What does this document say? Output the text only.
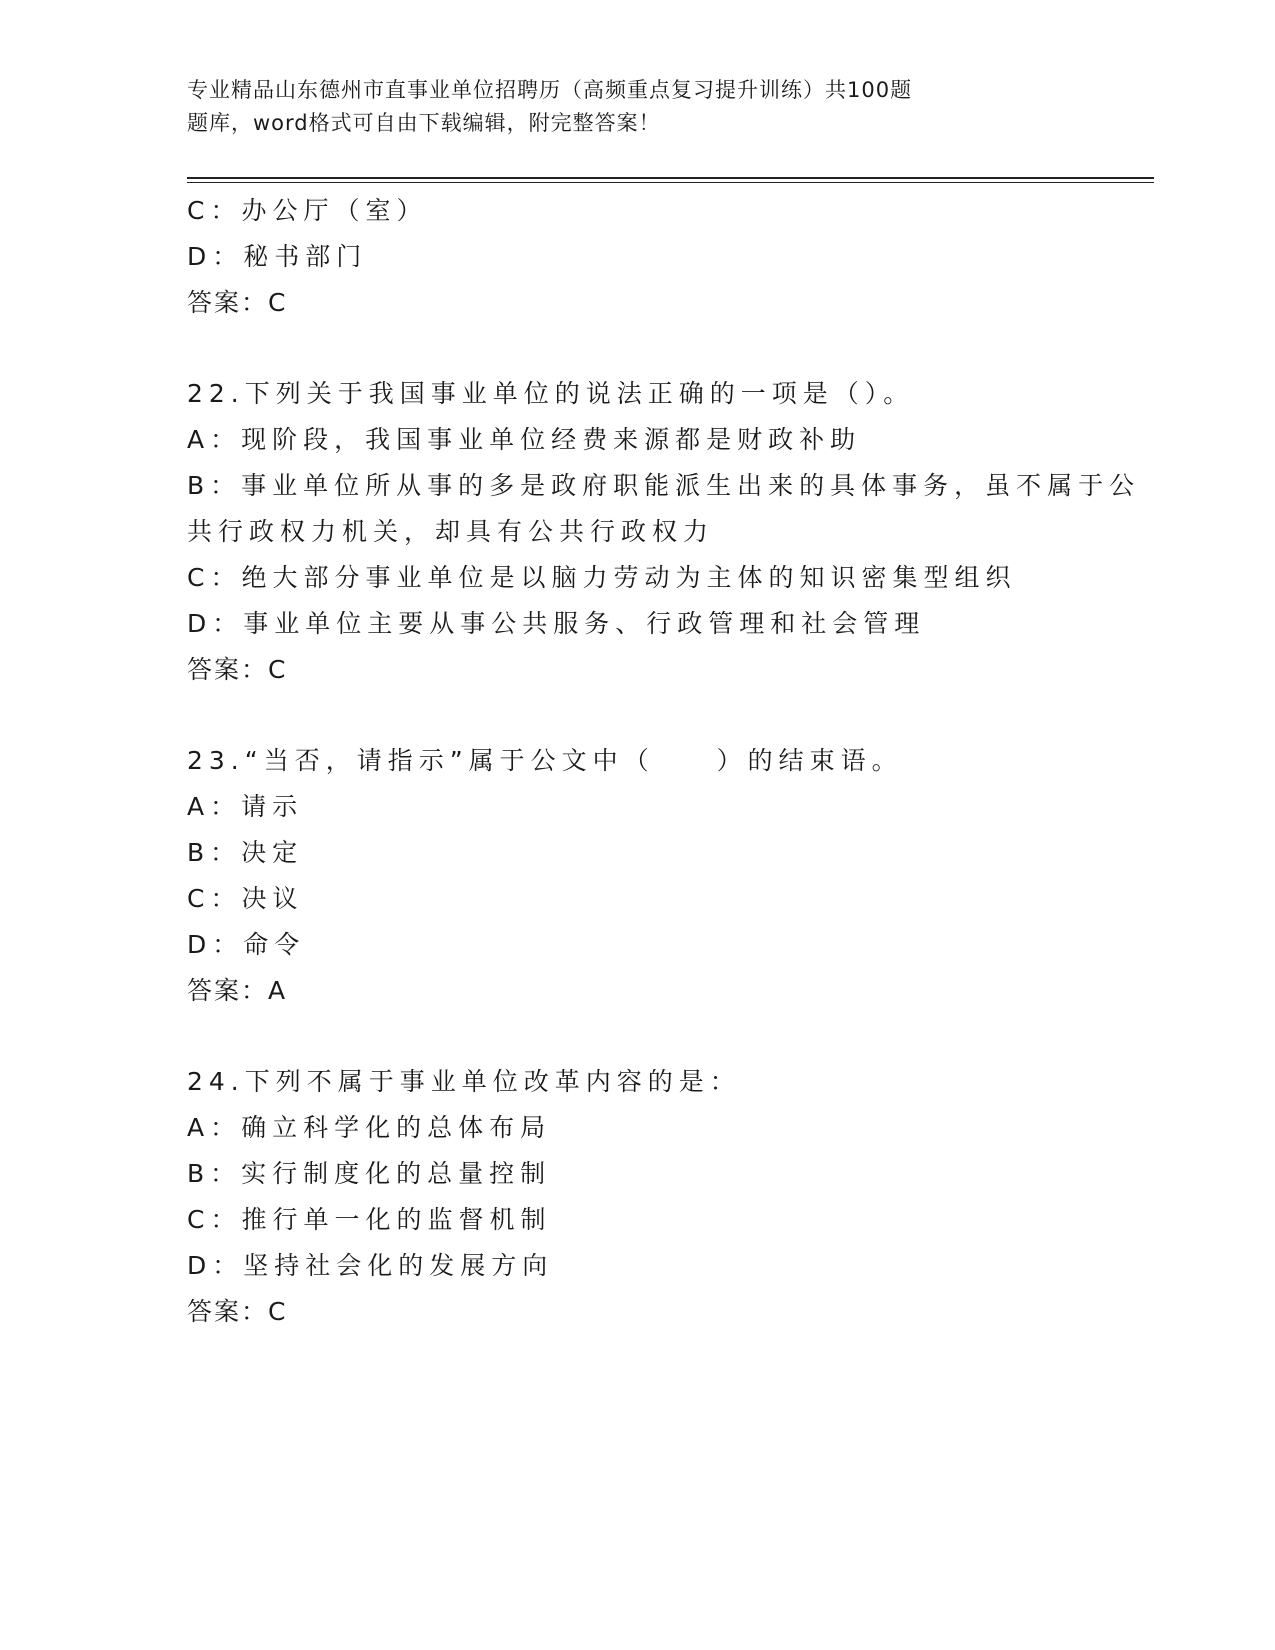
专业精品山东德州市直事业单位招聘历（高频重点复习提升训练）共100题
题库，word格式可自由下载编辑，附完整答案！
C：办公厅（室）
D：秘书部门
答案：C
22.下列关于我国事业单位的说法正确的一项是（）。
A：现阶段，我国事业单位经费来源都是财政补助
B：事业单位所从事的多是政府职能派生出来的具体事务，虽不属于公
共行政权力机关，却具有公共行政权力
C：绝大部分事业单位是以脑力劳动为主体的知识密集型组织
D：事业单位主要从事公共服务、行政管理和社会管理
答案：C
23.“当否，请指示”属于公文中（　　）的结束语。
A：请示
B：决定
C：决议
D：命令
答案：A
24.下列不属于事业单位改革内容的是：
A：确立科学化的总体布局
B：实行制度化的总量控制
C：推行单一化的监督机制
D：坚持社会化的发展方向
答案：C
